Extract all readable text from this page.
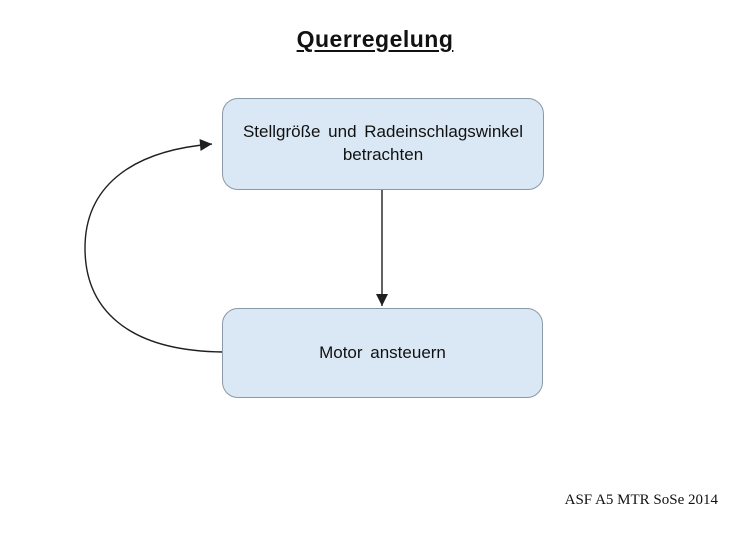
Querregelung
Stellgröße und Radeinschlagswinkel
betrachten
Motor ansteuern
ASF A5 MTR SoSe 2014
